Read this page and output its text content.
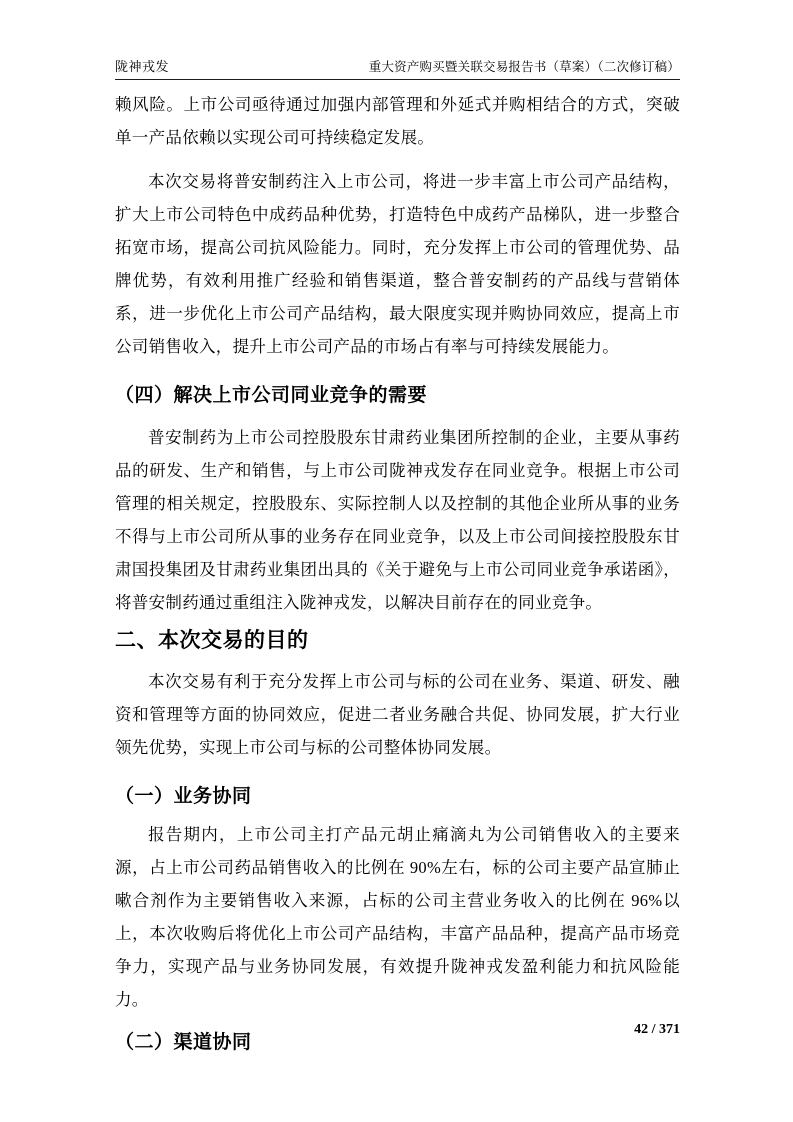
陇神戎发	重大资产购买暨关联交易报告书（草案）（二次修订稿）

赖风险。上市公司亟待通过加强内部管理和外延式并购相结合的方式，突破单一产品依赖以实现公司可持续稳定发展。

本次交易将普安制药注入上市公司，将进一步丰富上市公司产品结构，扩大上市公司特色中成药品种优势，打造特色中成药产品梯队，进一步整合拓宽市场，提高公司抗风险能力。同时，充分发挥上市公司的管理优势、品牌优势，有效利用推广经验和销售渠道，整合普安制药的产品线与营销体系，进一步优化上市公司产品结构，最大限度实现并购协同效应，提高上市公司销售收入，提升上市公司产品的市场占有率与可持续发展能力。

（四）解决上市公司同业竞争的需要

普安制药为上市公司控股股东甘肃药业集团所控制的企业，主要从事药品的研发、生产和销售，与上市公司陇神戎发存在同业竞争。根据上市公司管理的相关规定，控股股东、实际控制人以及控制的其他企业所从事的业务不得与上市公司所从事的业务存在同业竞争，以及上市公司间接控股股东甘肃国投集团及甘肃药业集团出具的《关于避免与上市公司同业竞争承诺函》，将普安制药通过重组注入陇神戎发，以解决目前存在的同业竞争。

二、本次交易的目的

本次交易有利于充分发挥上市公司与标的公司在业务、渠道、研发、融资和管理等方面的协同效应，促进二者业务融合共促、协同发展，扩大行业领先优势，实现上市公司与标的公司整体协同发展。

（一）业务协同

报告期内，上市公司主打产品元胡止痛滴丸为公司销售收入的主要来源，占上市公司药品销售收入的比例在 90%左右，标的公司主要产品宣肺止嗽合剂作为主要销售收入来源，占标的公司主营业务收入的比例在 96%以上，本次收购后将优化上市公司产品结构，丰富产品品种，提高产品市场竞争力，实现产品与业务协同发展，有效提升陇神戎发盈利能力和抗风险能力。

（二）渠道协同
42 / 371
